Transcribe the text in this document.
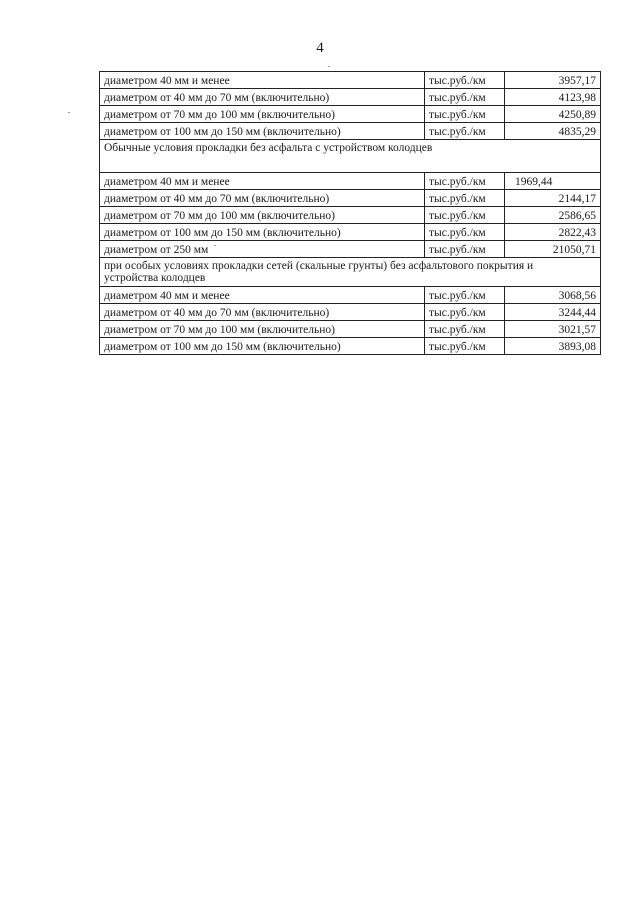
4
диаметром 40 мм и менее	тыс.руб./км	3957,17
диаметром от 40 мм до 70 мм (включительно)	тыс.руб./км	4123,98
диаметром от 70 мм до 100 мм (включительно)	тыс.руб./км	4250,89
диаметром от 100 мм до 150 мм (включительно)	тыс.руб./км	4835,29
Обычные условия прокладки без асфальта с устройством колодцев		
диаметром 40 мм и менее	тыс.руб./км	1969,44
диаметром от 40 мм до 70 мм (включительно)	тыс.руб./км	2144,17
диаметром от 70 мм до 100 мм (включительно)	тыс.руб./км	2586,65
диаметром от 100 мм до 150 мм (включительно)	тыс.руб./км	2822,43
диаметром от 250 мм	тыс.руб./км	21050,71

при особых условиях прокладки сетей (скальные грунты) без асфальтового покрытия и
устройства колодцев		

диаметром 40 мм и менее	тыс.руб./км	3068,56
диаметром от 40 мм до 70 мм (включительно)	тыс.руб./км	3244,44
диаметром от 70 мм до 100 мм (включительно)	тыс.руб./км	3021,57
диаметром от 100 мм до 150 мм (включительно)	тыс.руб./км	3893,08
